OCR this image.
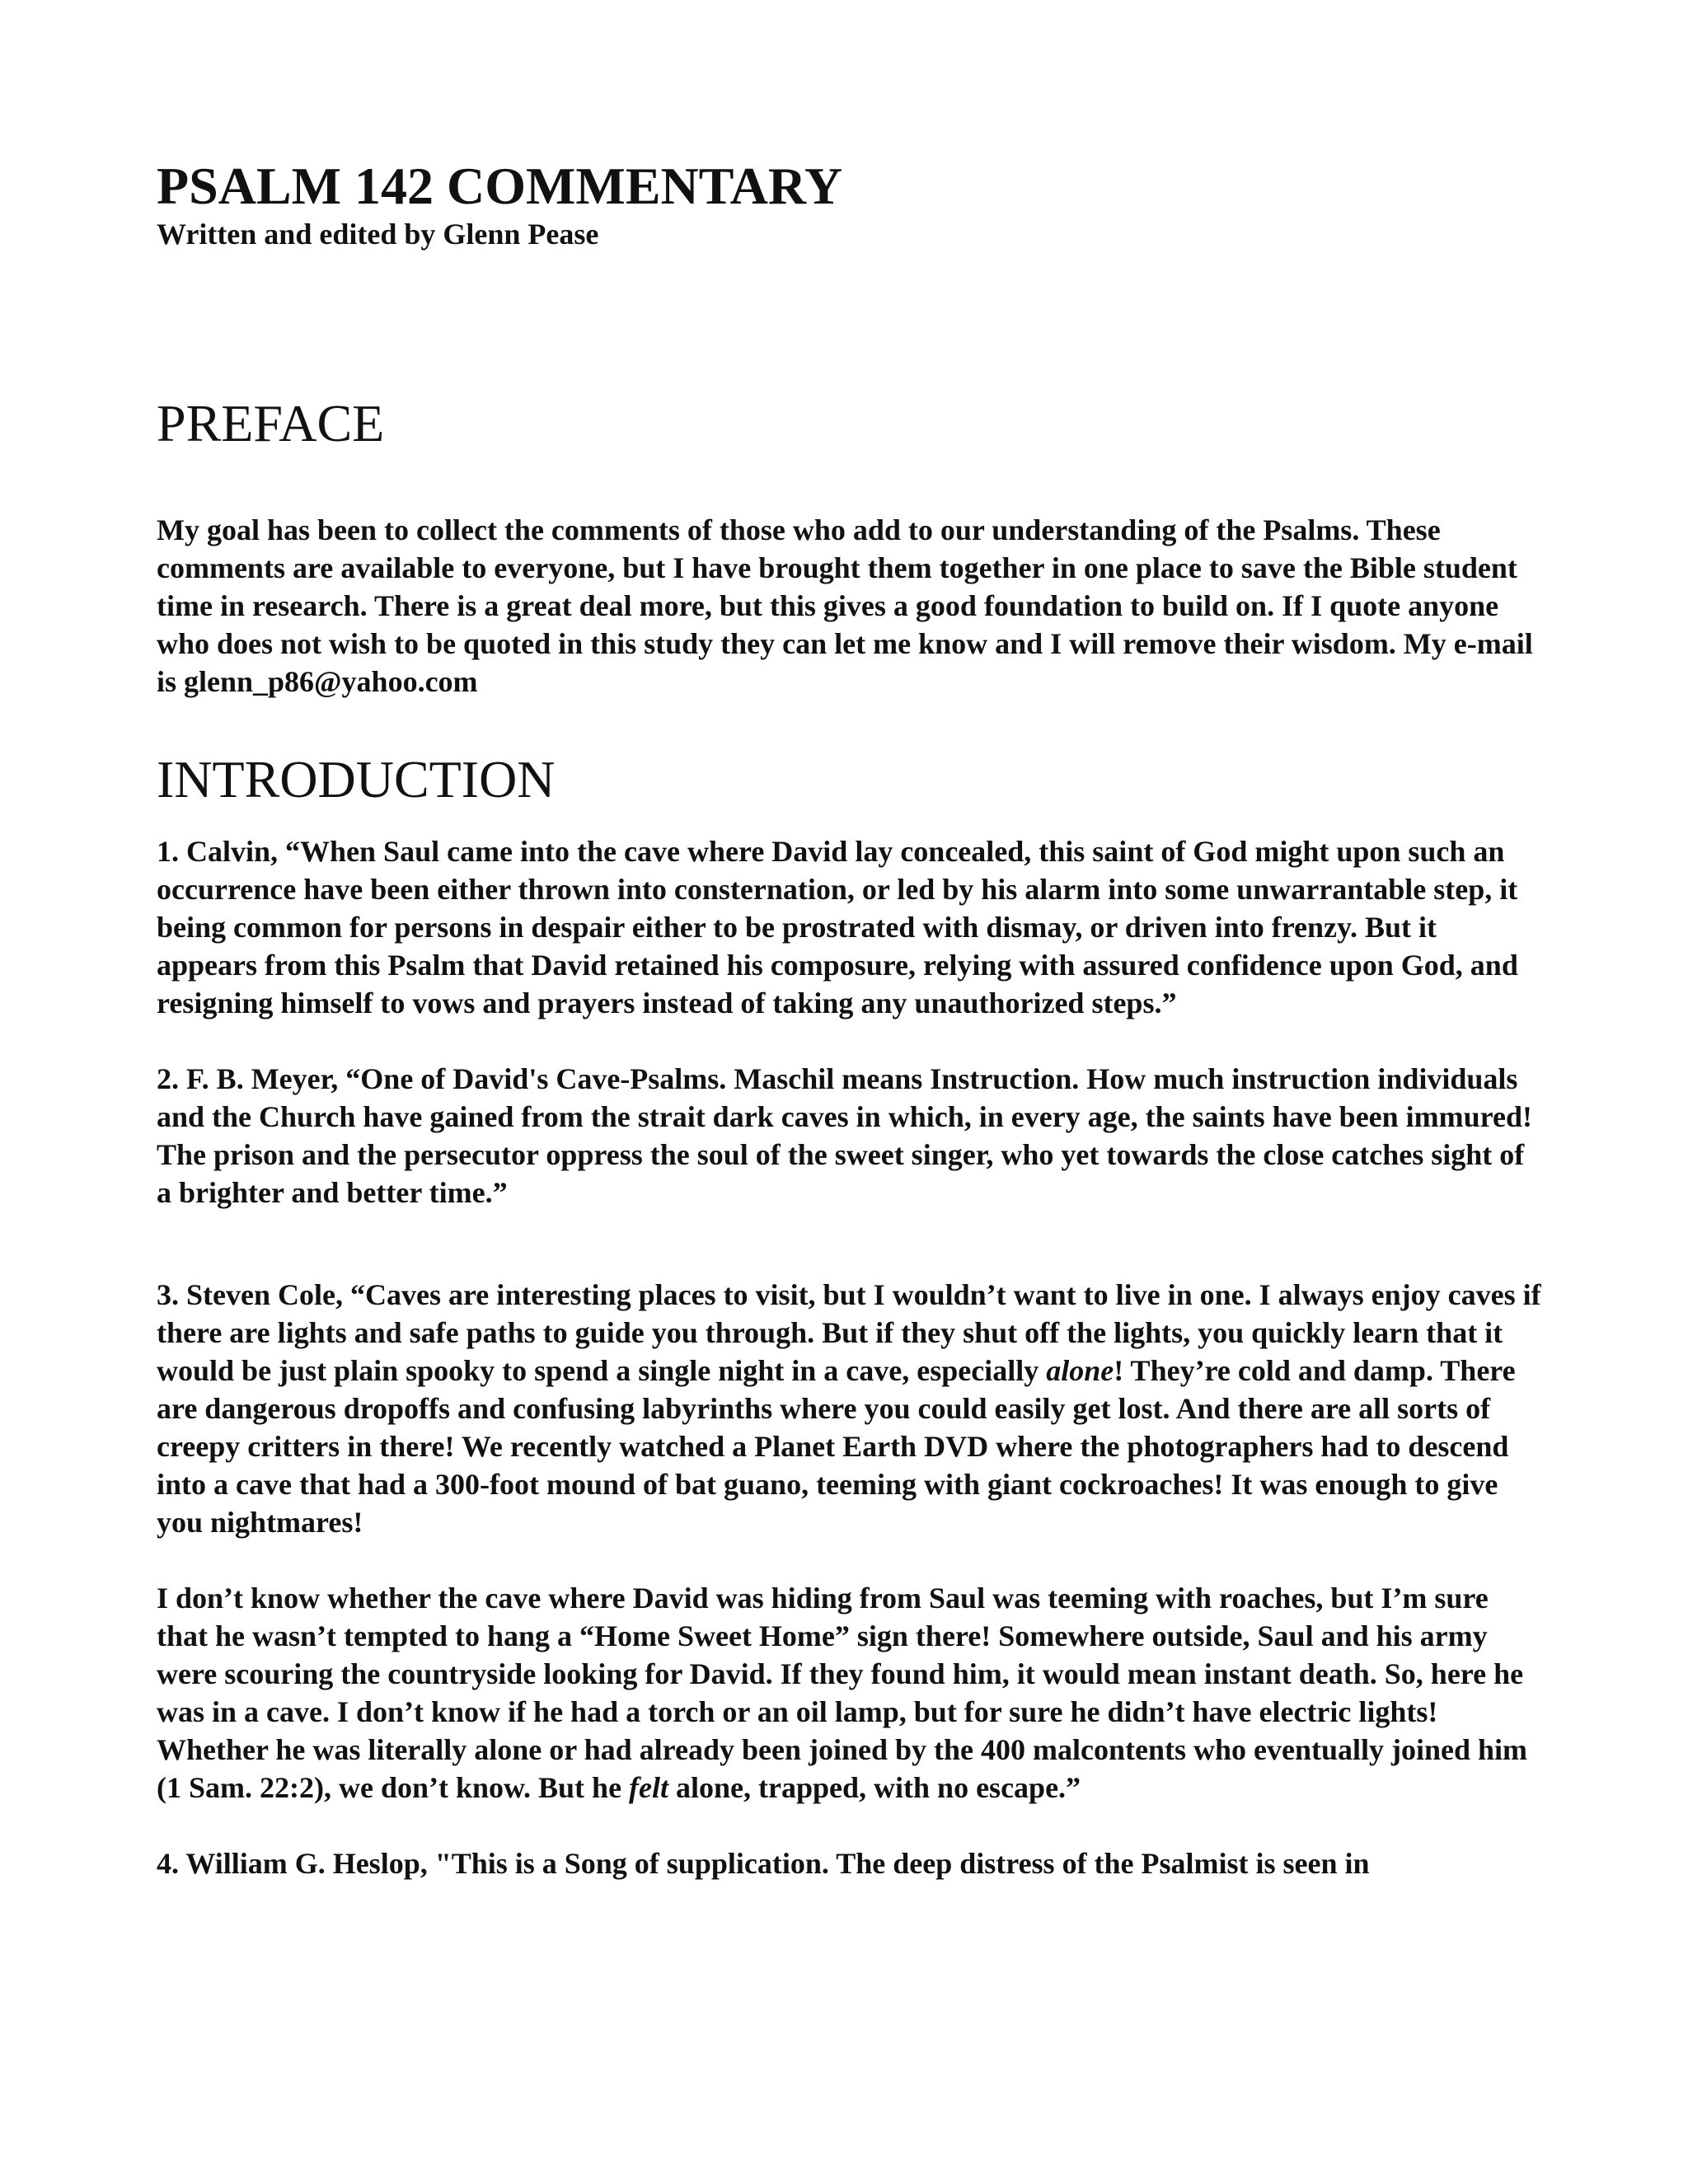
PSALM 142 COMMENTARY

Written and edited by Glenn Pease

PREFACE

My goal has been to collect the comments of those who add to our understanding of the Psalms. These comments are available to everyone, but I have brought them together in one place to save the Bible student time in research. There is a great deal more, but this gives a good foundation to build on. If I quote anyone who does not wish to be quoted in this study they can let me know and I will remove their wisdom. My e-mail is glenn_p86@yahoo.com

INTRODUCTION

1. Calvin, “When Saul came into the cave where David lay concealed, this saint of God might upon such an occurrence have been either thrown into consternation, or led by his alarm into some unwarrantable step, it being common for persons in despair either to be prostrated with dismay, or driven into frenzy. But it appears from this Psalm that David retained his composure, relying with assured confidence upon God, and resigning himself to vows and prayers instead of taking any unauthorized steps.”

2. F. B. Meyer, “One of David's Cave-Psalms. Maschil means Instruction. How much instruction individuals and the Church have gained from the strait dark caves in which, in every age, the saints have been immured! The prison and the persecutor oppress the soul of the sweet singer, who yet towards the close catches sight of a brighter and better time.”

3. Steven Cole, “Caves are interesting places to visit, but I wouldn’t want to live in one. I always enjoy caves if there are lights and safe paths to guide you through. But if they shut off the lights, you quickly learn that it would be just plain spooky to spend a single night in a cave, especially alone! They’re cold and damp. There are dangerous dropoffs and confusing labyrinths where you could easily get lost. And there are all sorts of creepy critters in there! We recently watched a Planet Earth DVD where the photographers had to descend into a cave that had a 300-foot mound of bat guano, teeming with giant cockroaches! It was enough to give you nightmares!

I don’t know whether the cave where David was hiding from Saul was teeming with roaches, but I’m sure that he wasn’t tempted to hang a “Home Sweet Home” sign there! Somewhere outside, Saul and his army were scouring the countryside looking for David. If they found him, it would mean instant death. So, here he was in a cave. I don’t know if he had a torch or an oil lamp, but for sure he didn’t have electric lights! Whether he was literally alone or had already been joined by the 400 malcontents who eventually joined him (1 Sam. 22:2), we don’t know. But he felt alone, trapped, with no escape.”

4. William G. Heslop, "This is a Song of supplication. The deep distress of the Psalmist is seen in
